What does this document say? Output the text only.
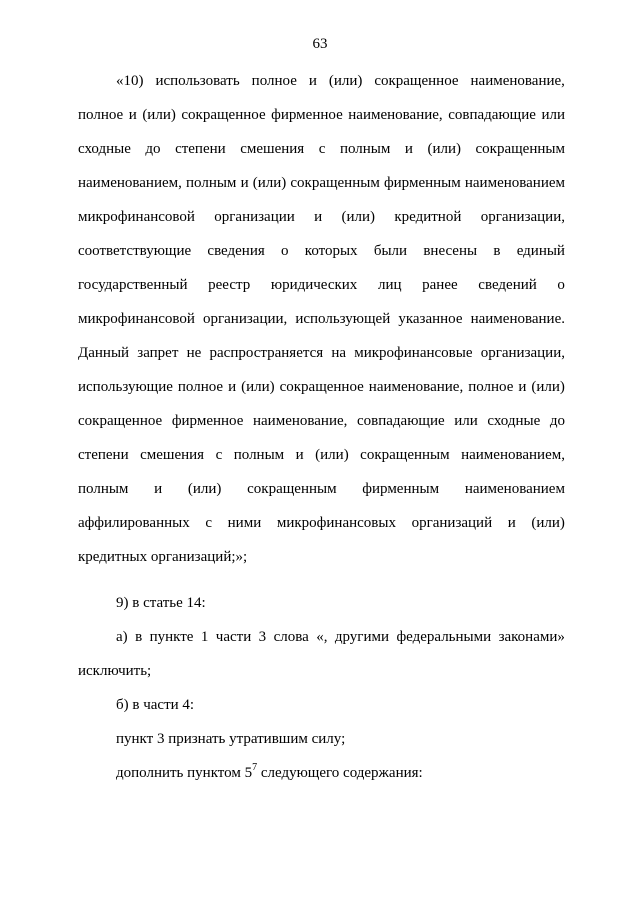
63
«10) использовать полное и (или) сокращенное наименование,
полное и (или) сокращенное фирменное наименование, совпадающие или
сходные до степени смешения с полным и (или) сокращенным
наименованием, полным и (или) сокращенным фирменным наименованием
микрофинансовой организации и (или) кредитной организации,
соответствующие сведения о которых были внесены в единый
государственный реестр юридических лиц ранее сведений о
микрофинансовой организации, использующей указанное наименование.
Данный запрет не распространяется на микрофинансовые организации,
использующие полное и (или) сокращенное наименование, полное и (или)
сокращенное фирменное наименование, совпадающие или сходные до
степени смешения с полным и (или) сокращенным наименованием,
полным и (или) сокращенным фирменным наименованием
аффилированных с ними микрофинансовых организаций и (или)
кредитных организаций;»;
9) в статье 14:
а) в пункте 1 части 3 слова «, другими федеральными законами»
исключить;
б) в части 4:
пункт 3 признать утратившим силу;
дополнить пунктом $5^7$ следующего содержания:
